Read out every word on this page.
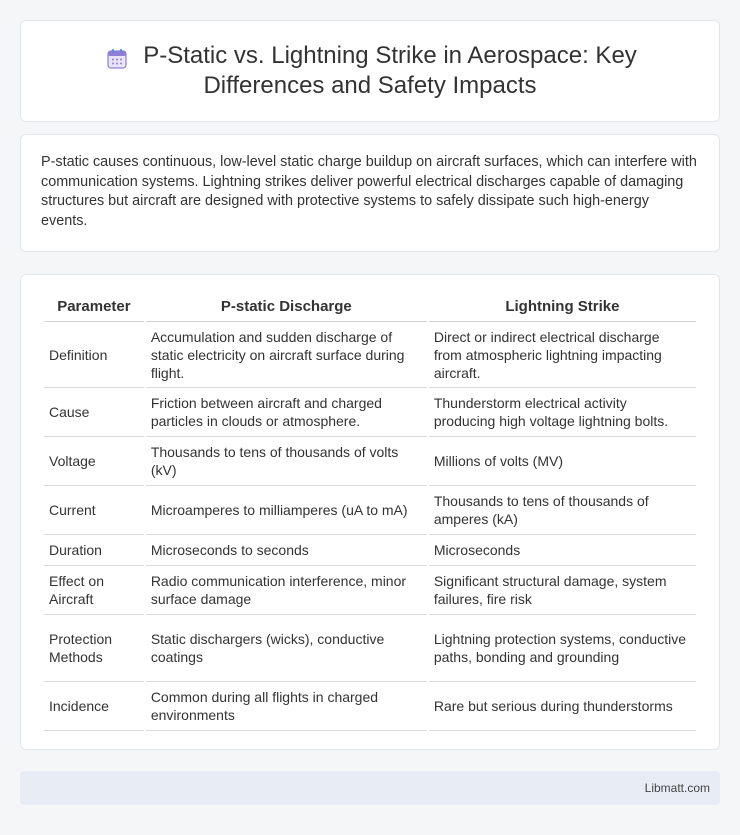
P-Static vs. Lightning Strike in Aerospace: Key
Differences and Safety Impacts

P-static causes continuous, low-level static charge buildup on aircraft surfaces, which can interfere with communication systems. Lightning strikes deliver powerful electrical discharges capable of damaging structures but aircraft are designed with protective systems to safely dissipate such high-energy events.

Parameter	P-static Discharge	Lightning Strike
Definition	Accumulation and sudden discharge of static electricity on aircraft surface during flight.	Direct or indirect electrical discharge from atmospheric lightning impacting aircraft.
Cause	Friction between aircraft and charged particles in clouds or atmosphere.	Thunderstorm electrical activity producing high voltage lightning bolts.
Voltage	Thousands to tens of thousands of volts (kV)	Millions of volts (MV)
Current	Microamperes to milliamperes (uA to mA)	Thousands to tens of thousands of amperes (kA)
Duration	Microseconds to seconds	Microseconds
Effect on Aircraft	Radio communication interference, minor surface damage	Significant structural damage, system failures, fire risk
Protection Methods	Static dischargers (wicks), conductive coatings	Lightning protection systems, conductive paths, bonding and grounding
Incidence	Common during all flights in charged environments	Rare but serious during thunderstorms
Libmatt.com
